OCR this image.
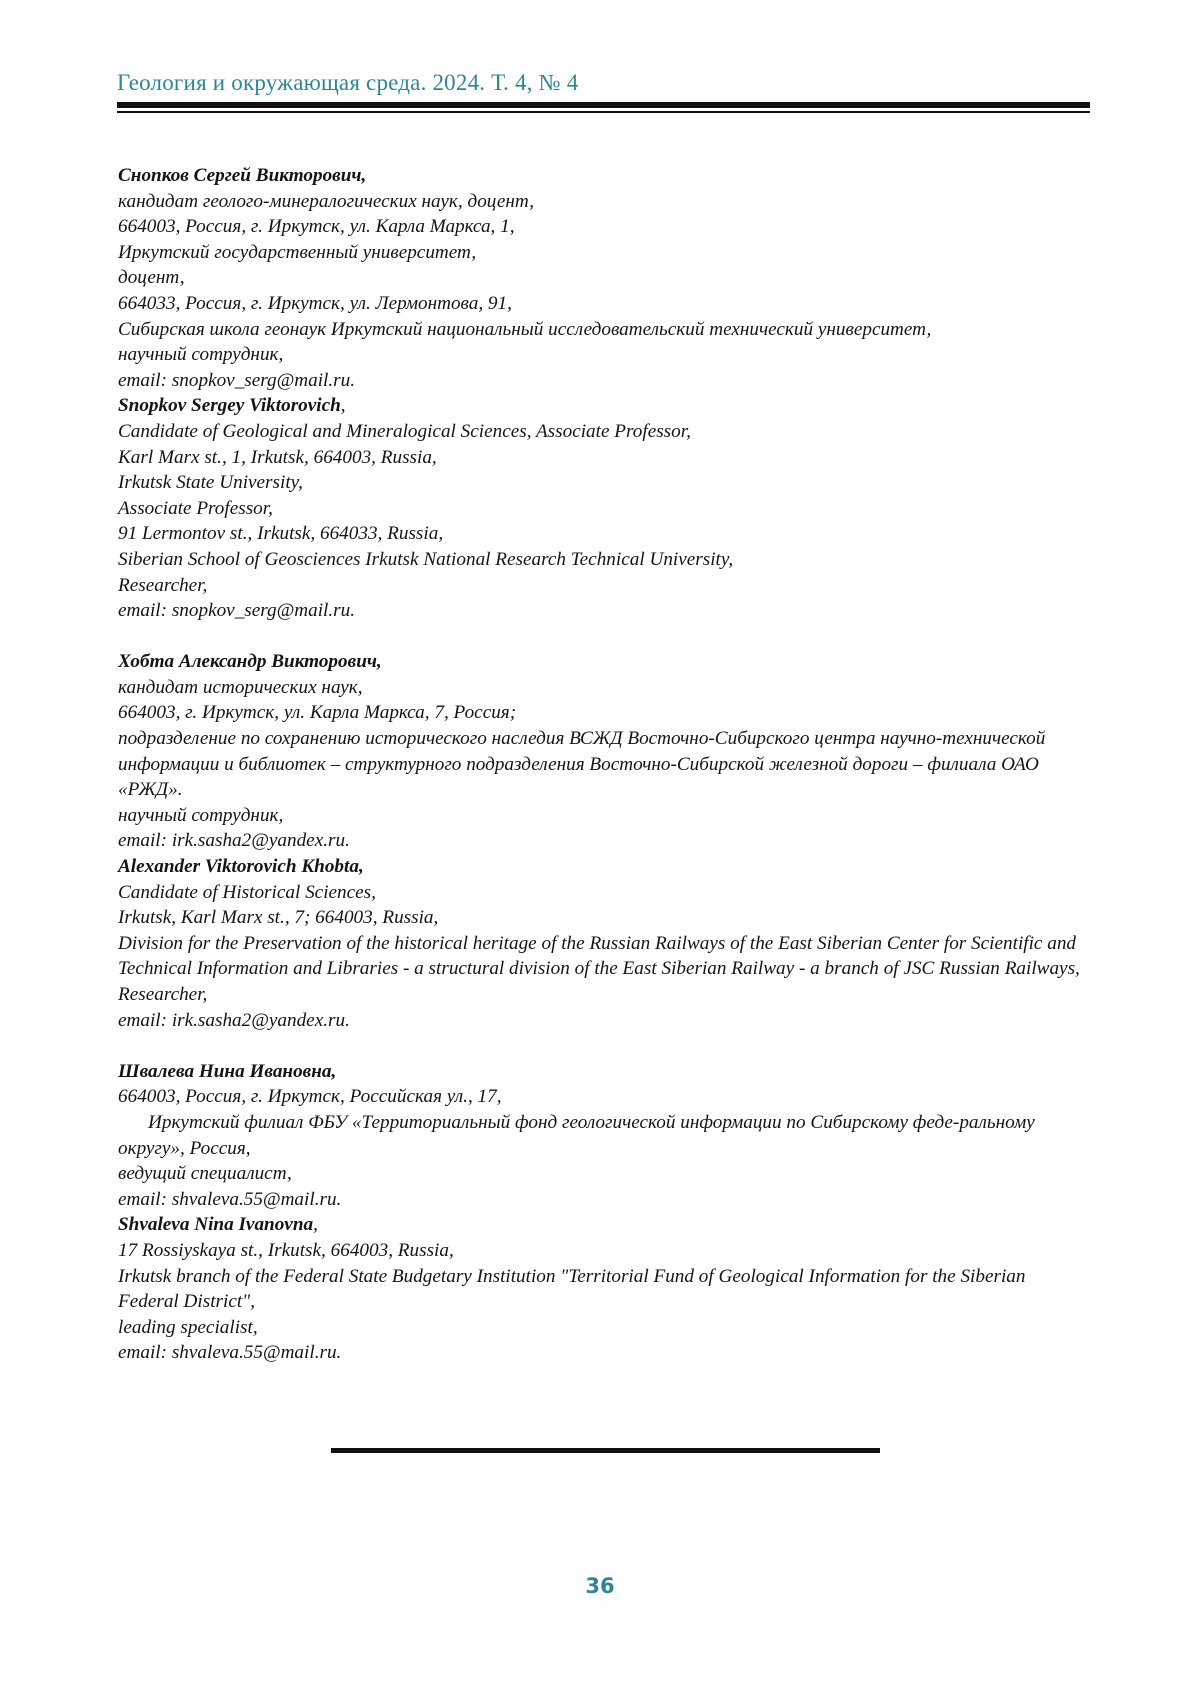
Геология и окружающая среда. 2024. Т. 4, № 4
Снопков Сергей Викторович,
кандидат геолого-минералогических наук, доцент,
664003, Россия, г. Иркутск, ул. Карла Маркса, 1,
Иркутский государственный университет,
доцент,
664033, Россия, г. Иркутск, ул. Лермонтова, 91,
Сибирская школа геонаук Иркутский национальный исследовательский технический университет,
научный сотрудник,
email: snopkov_serg@mail.ru.
Snopkov Sergey Viktorovich,
Candidate of Geological and Mineralogical Sciences, Associate Professor,
Karl Marx st., 1, Irkutsk, 664003, Russia,
Irkutsk State University,
Associate Professor,
91 Lermontov st., Irkutsk, 664033, Russia,
Siberian School of Geosciences Irkutsk National Research Technical University,
Researcher,
email: snopkov_serg@mail.ru.
Хобта Александр Викторович,
кандидат исторических наук,
664003, г. Иркутск, ул. Карла Маркса, 7, Россия;
подразделение по сохранению исторического наследия ВСЖД Восточно-Сибирского центра научно-технической информации и библиотек – структурного подразделения Восточно-Сибирской железной дороги – филиала ОАО «РЖД».
научный сотрудник,
email: irk.sasha2@yandex.ru.
Alexander Viktorovich Khobta,
Candidate of Historical Sciences,
Irkutsk, Karl Marx st., 7; 664003, Russia,
Division for the Preservation of the historical heritage of the Russian Railways of the East Siberian Center for Scientific and Technical Information and Libraries - a structural division of the East Siberian Railway - a branch of JSC Russian Railways,
Researcher,
email: irk.sasha2@yandex.ru.
Швалева Нина Ивановна,
664003, Россия, г. Иркутск, Российская ул., 17,
Иркутский филиал ФБУ «Территориальный фонд геологической информации по Сибирскому феде-ральному округу», Россия,
ведущий специалист,
email: shvaleva.55@mail.ru.
Shvaleva Nina Ivanovna,
17 Rossiyskaya st., Irkutsk, 664003, Russia,
Irkutsk branch of the Federal State Budgetary Institution "Territorial Fund of Geological Information for the Siberian Federal District",
leading specialist,
email: shvaleva.55@mail.ru.
36
